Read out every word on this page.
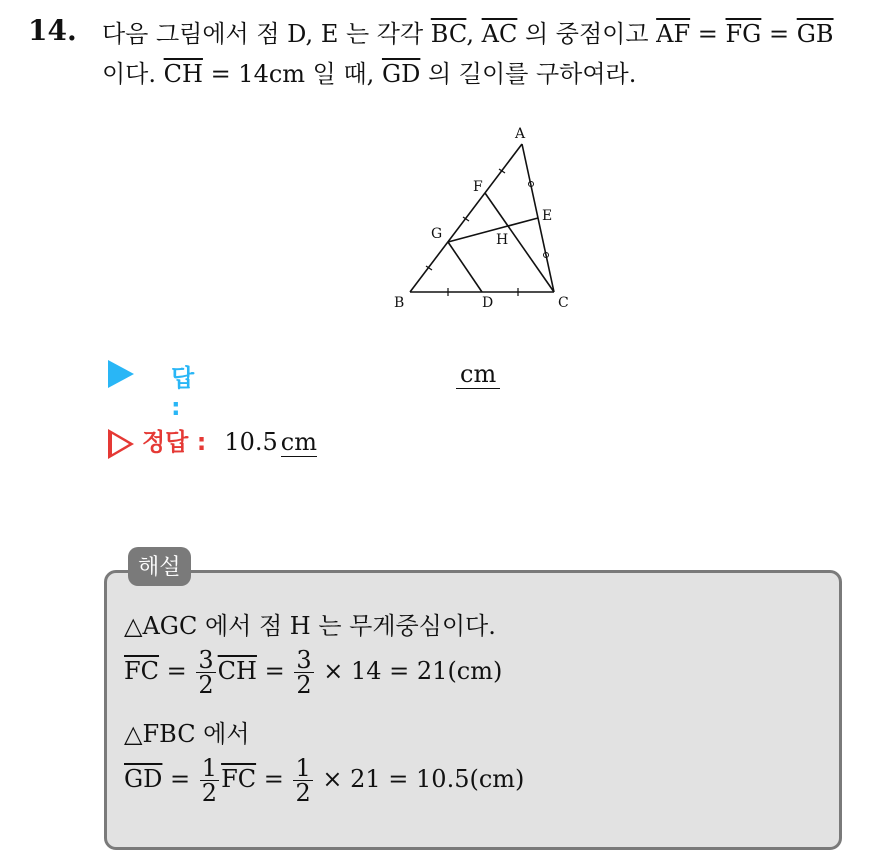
14. 다음 그림에서 점 D, E 는 각각 $\overline{BC}$, $\overline{AC}$ 의 중점이고 $\overline{AF} = \overline{FG} = \overline{GB}$
이다. $\overline{CH} = 14cm$ 일 때, $\overline{GD}$ 의 길이를 구하여라.
A
B	C
D
E
F
G	H
답 :
cm
정답 : 10.5 cm
해설
△AGC 에서 점 H 는 무게중심이다.
$\overline{FC} = \frac{3}{2} \overline{CH} = \frac{3}{2} \times 14 = 21(cm)$
△FBC 에서
$\overline{GD} = \frac{1}{2} \overline{FC} = \frac{1}{2} \times 21 = 10.5(cm)$
